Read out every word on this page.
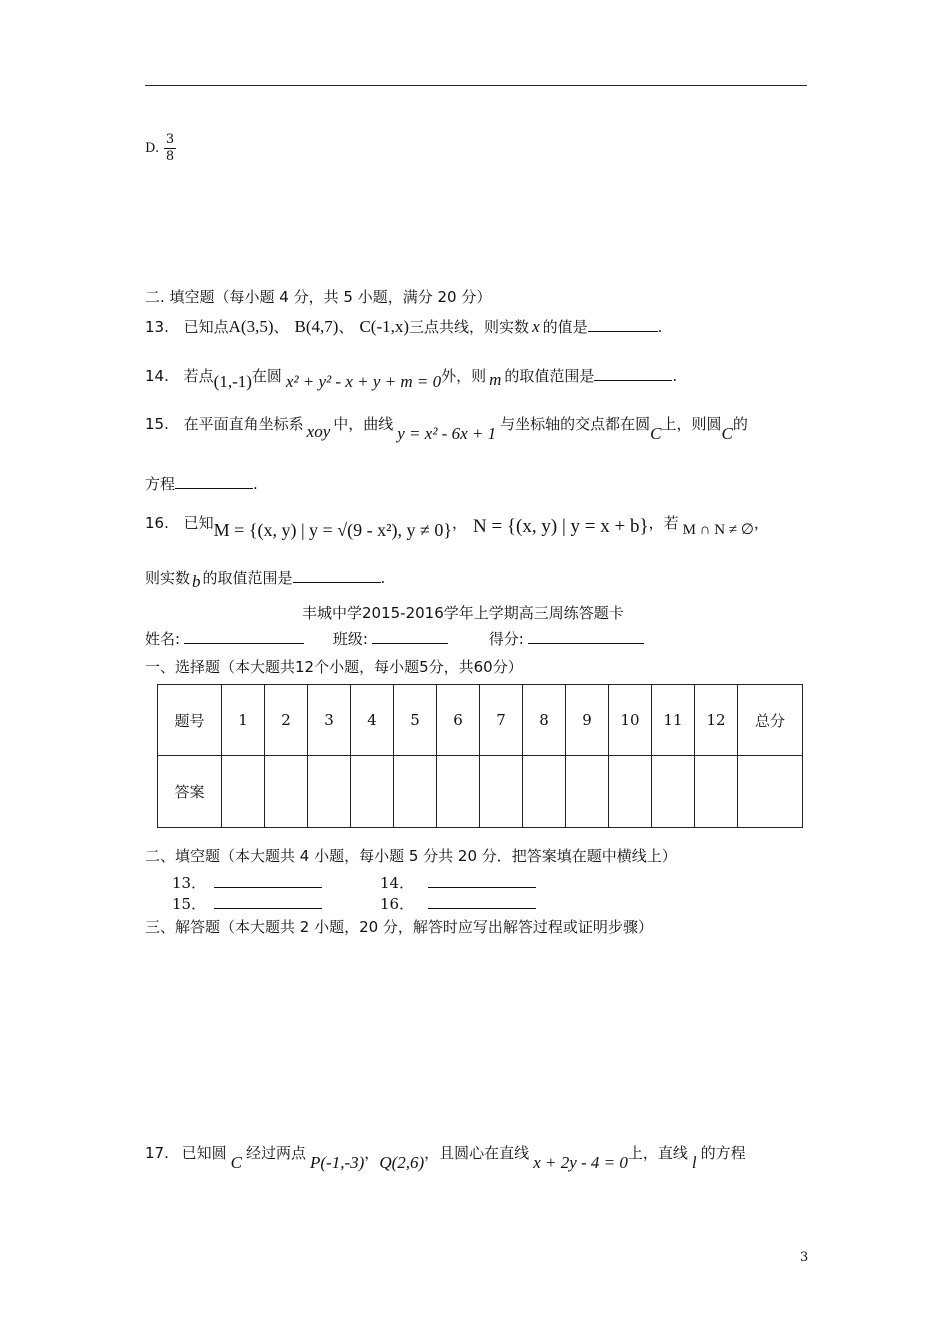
D. $\frac{3}{8}$
二. 填空题（每小题 4 分，共 5 小题，满分 20 分）
13. 已知点A(3,5)、 B(4,7)、 C(-1,x)三点共线，则实数 x 的值是	.
14. 若点(1,-1)在圆 x² + y² - x + y + m = 0外，则 m 的取值范围是	.
15. 在平面直角坐标系 xoy 中，曲线 y = x² - 6x + 1 与坐标轴的交点都在圆C上，则圆C的
方程	.
16. 已知M = {(x, y) | y = √(9 - x²), y ≠ 0}， N = {(x, y) | y = x + b}，若 M ∩ N ≠ ∅，
则实数 b 的取值范围是	.
丰城中学2015-2016学年上学期高三周练答题卡
姓名:	班级:	得分:
一、选择题（本大题共12个小题，每小题5分，共60分）
题号	1	2	3	4	5	6	7	8	9	10	11	12	总分
答案													
二、填空题（本大题共 4 小题，每小题 5 分共 20 分．把答案填在题中横线上）
13．	14．
15．	16．
三、解答题（本大题共 2 小题，20 分，解答时应写出解答过程或证明步骤）
17. 已知圆 C 经过两点 P(-1,-3)，Q(2,6)，且圆心在直线 x + 2y - 4 = 0上，直线 l 的方程
3
